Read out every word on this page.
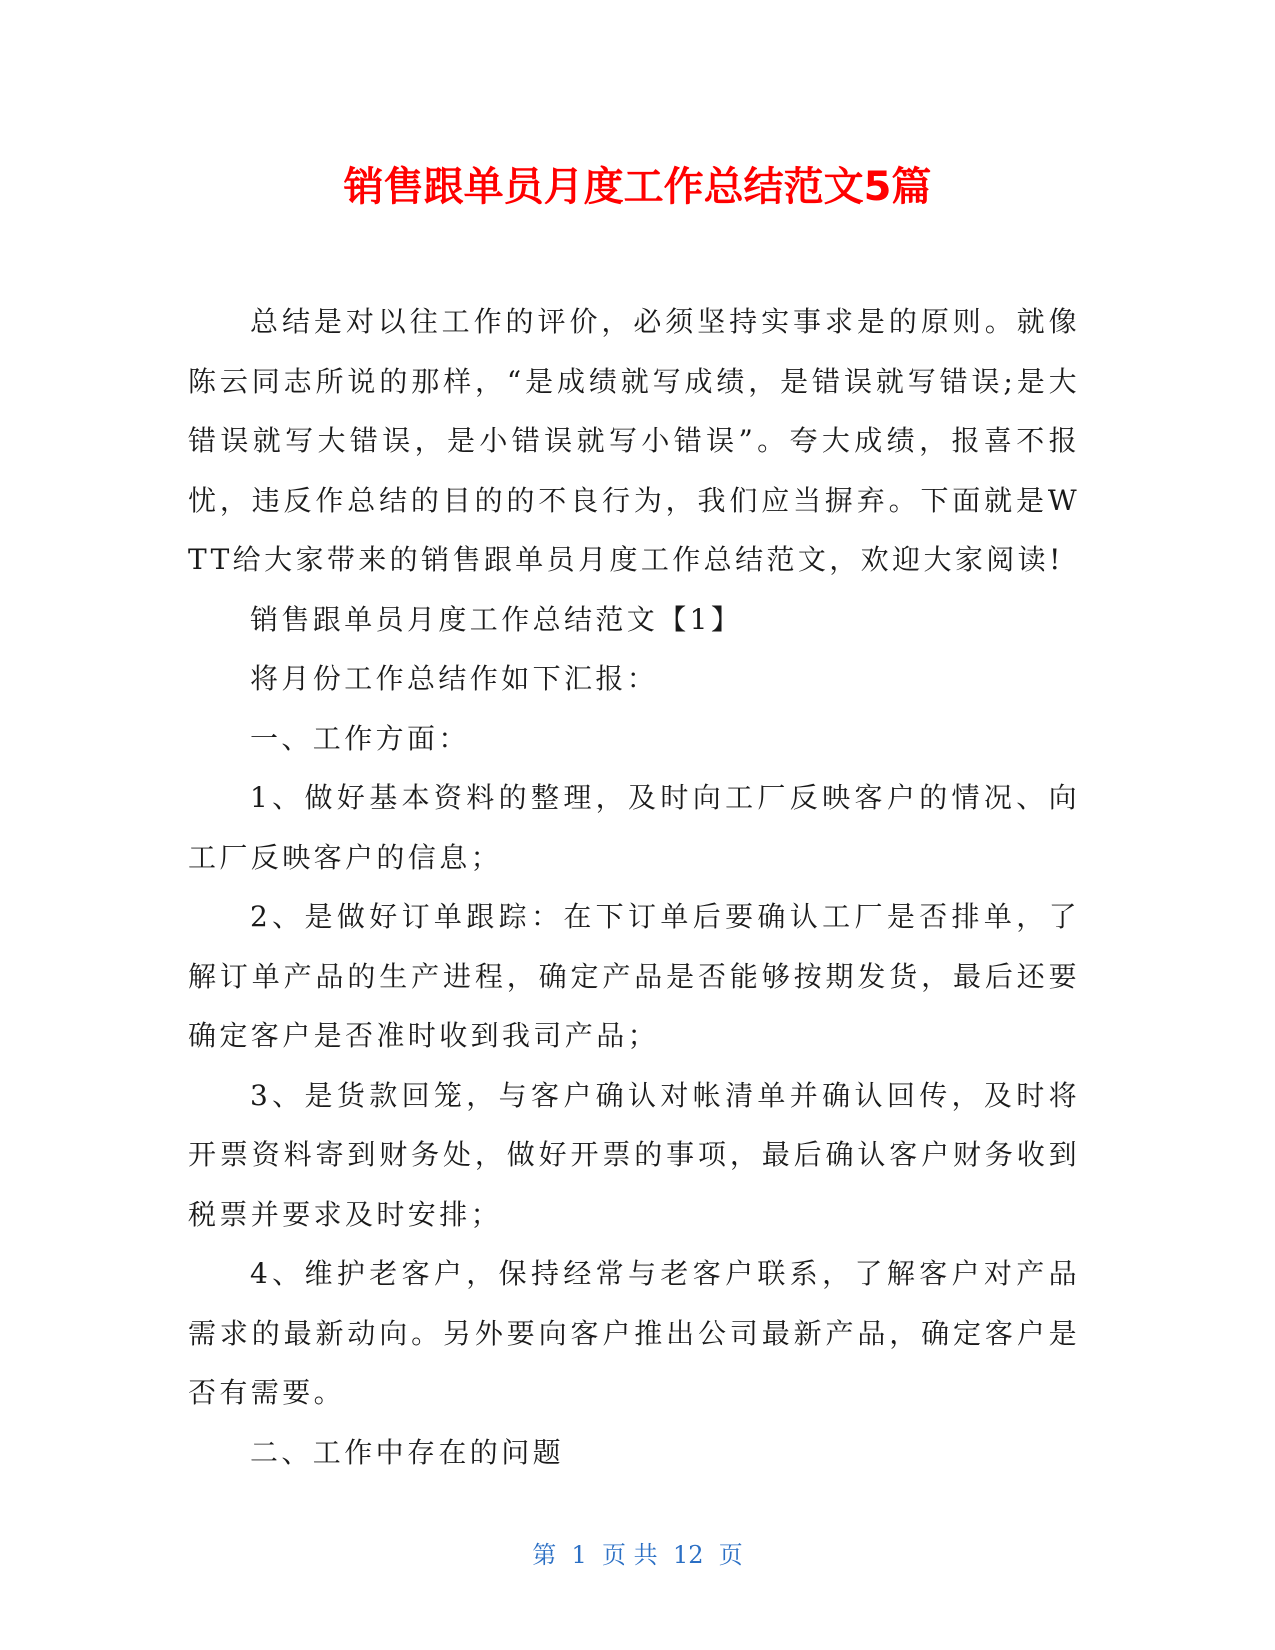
销售跟单员月度工作总结范文5篇

总结是对以往工作的评价，必须坚持实事求是的原则。就像陈云同志所说的那样，“是成绩就写成绩，是错误就写错误;是大错误就写大错误，是小错误就写小错误”。夸大成绩，报喜不报忧，违反作总结的目的的不良行为，我们应当摒弃。下面就是WTT给大家带来的销售跟单员月度工作总结范文，欢迎大家阅读!

销售跟单员月度工作总结范文【1】

将月份工作总结作如下汇报：

一、工作方面：

1、做好基本资料的整理，及时向工厂反映客户的情况、向工厂反映客户的信息；

2、是做好订单跟踪：在下订单后要确认工厂是否排单，了解订单产品的生产进程，确定产品是否能够按期发货，最后还要确定客户是否准时收到我司产品；

3、是货款回笼，与客户确认对帐清单并确认回传，及时将开票资料寄到财务处，做好开票的事项，最后确认客户财务收到税票并要求及时安排；

4、维护老客户，保持经常与老客户联系，了解客户对产品需求的最新动向。另外要向客户推出公司最新产品，确定客户是否有需要。

二、工作中存在的问题

第 1 页 共 12 页
